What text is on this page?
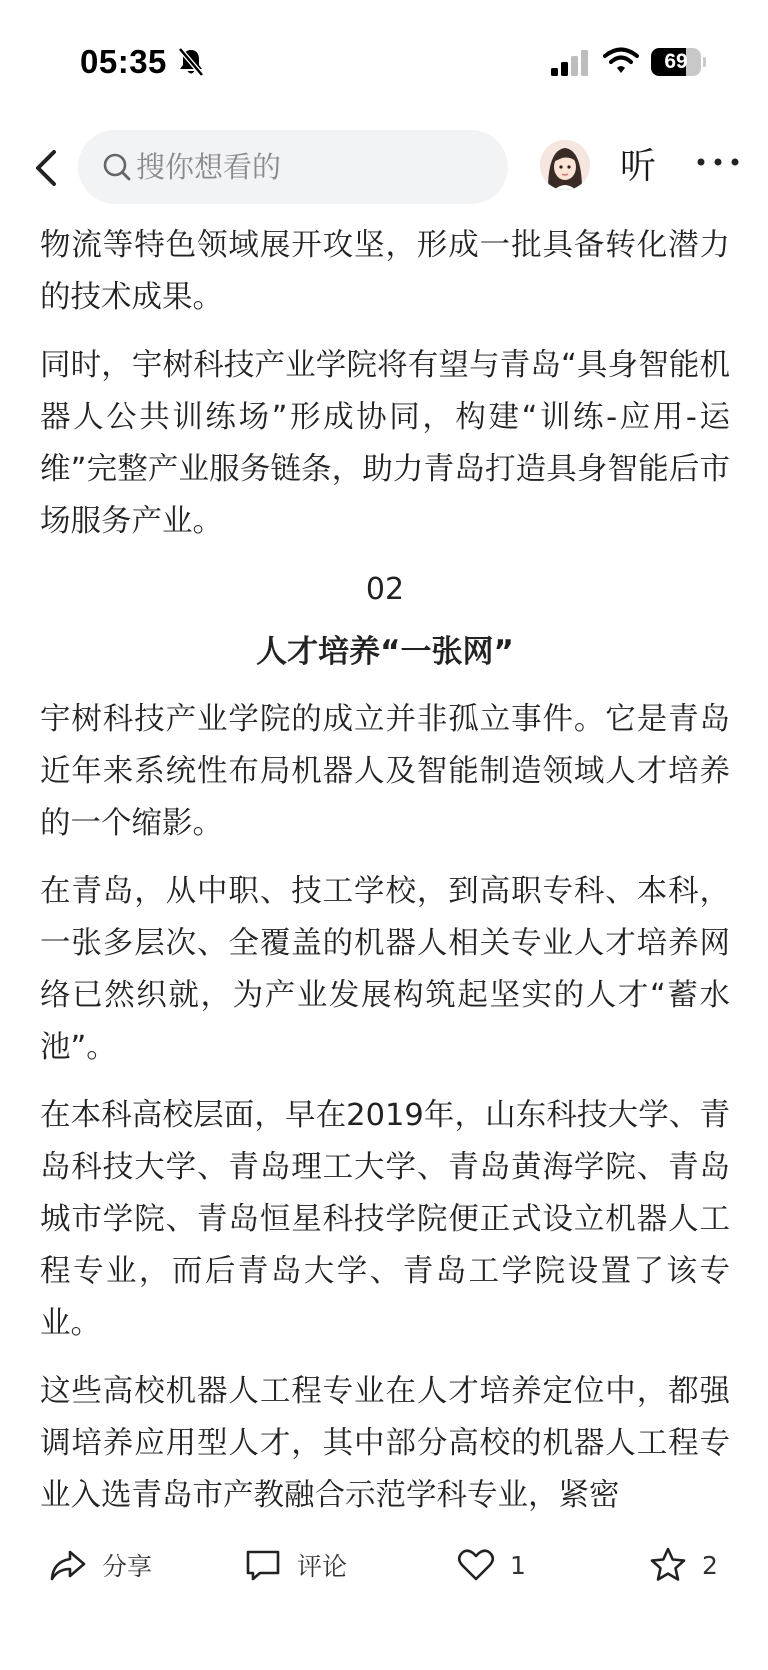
05:35	69
搜你想看的	听

物流等特色领域展开攻坚，形成一批具备转化潜力的技术成果。

同时，宇树科技产业学院将有望与青岛“具身智能机器人公共训练场”形成协同，构建“训练-应用-运维”完整产业服务链条，助力青岛打造具身智能后市场服务产业。

02
人才培养“一张网”

宇树科技产业学院的成立并非孤立事件。它是青岛近年来系统性布局机器人及智能制造领域人才培养的一个缩影。

在青岛，从中职、技工学校，到高职专科、本科，一张多层次、全覆盖的机器人相关专业人才培养网络已然织就，为产业发展构筑起坚实的人才“蓄水池”。

在本科高校层面，早在2019年，山东科技大学、青岛科技大学、青岛理工大学、青岛黄海学院、青岛城市学院、青岛恒星科技学院便正式设立机器人工程专业，而后青岛大学、青岛工学院设置了该专业。

这些高校机器人工程专业在人才培养定位中，都强调培养应用型人才，其中部分高校的机器人工程专业入选青岛市产教融合示范学科专业，紧密

分享	评论	1	2
